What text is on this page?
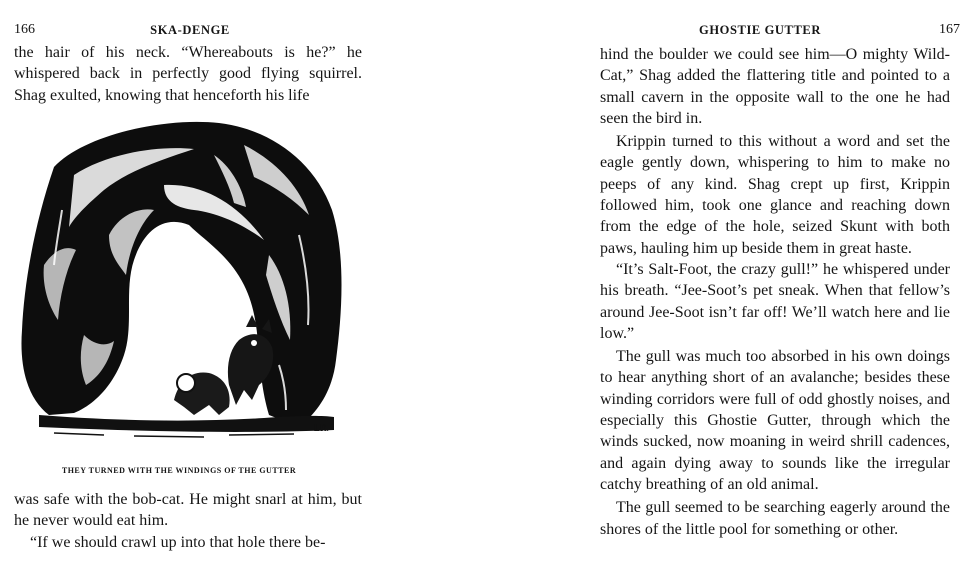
166	SKA-DENGE

the hair of his neck. “Whereabouts is he?” he whispered back in perfectly good flying squirrel. Shag exulted, knowing that henceforth his life

LR.
THEY TURNED WITH THE WINDINGS OF THE GUTTER

was safe with the bob-cat. He might snarl at him, but he never would eat him.

“If we should crawl up into that hole there be-

GHOSTIE GUTTER	167

hind the boulder we could see him—O mighty Wild-Cat,” Shag added the flattering title and pointed to a small cavern in the opposite wall to the one he had seen the bird in.

Krippin turned to this without a word and set the eagle gently down, whispering to him to make no peeps of any kind. Shag crept up first, Krippin followed him, took one glance and reaching down from the edge of the hole, seized Skunt with both paws, hauling him up beside them in great haste.

“It’s Salt-Foot, the crazy gull!” he whispered under his breath. “Jee-Soot’s pet sneak. When that fellow’s around Jee-Soot isn’t far off! We’ll watch here and lie low.”

The gull was much too absorbed in his own doings to hear anything short of an avalanche; besides these winding corridors were full of odd ghostly noises, and especially this Ghostie Gutter, through which the winds sucked, now moaning in weird shrill cadences, and again dying away to sounds like the irregular catchy breathing of an old animal.

The gull seemed to be searching eagerly around the shores of the little pool for something or other.
